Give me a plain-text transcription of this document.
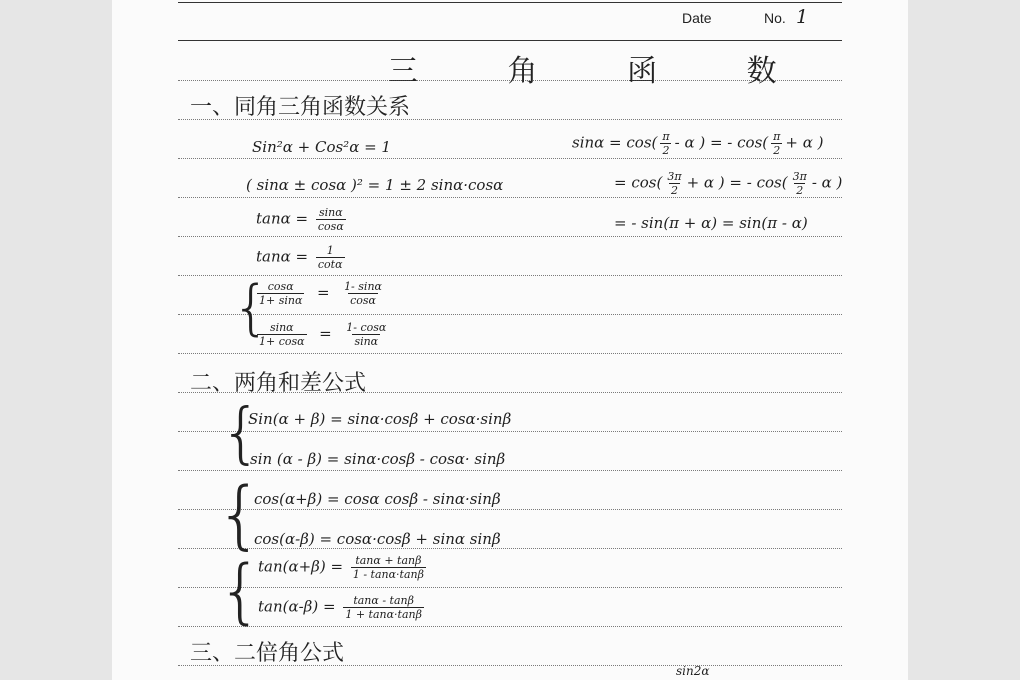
Date	No. 1
三 角 函 数
一、同角三角函数关系
Sin²α + Cos²α = 1
( sinα ± cosα )² = 1 ± 2 sinα·cosα
$\tan\alpha = \frac{\sin\alpha}{\cos\alpha}$
$\tan\alpha = \frac{1}{\cot\alpha}$
{
$\frac{\cos\alpha}{1+ \sin\alpha} = \frac{1- \sin\alpha}{\cos\alpha}$
$\frac{\sin\alpha}{1+ \cos\alpha} = \frac{1- \cos\alpha}{\sin\alpha}$
$\sin\alpha = \cos( \frac{\pi}{2} - \alpha$ ) = - $\cos( \frac{\pi}{2} + \alpha$ )
= $\cos( \frac{3\pi}{2} + \alpha$ ) = - $\cos( \frac{3\pi}{2}$ - α )
= - sin(π + α) = sin(π - α)
二、两角和差公式
{
Sin(α + β) = sinα·cosβ + cosα·sinβ
sin (α - β) = sinα·cosβ - cosα· sinβ
{
cos(α+β) = cosα cosβ - sinα·sinβ
cos(α-β) = cosα·cosβ + sinα sinβ
{
$\tan(\alpha+\beta) = \frac{\tan\alpha + \tan\beta}{1 - \tan\alpha\cdot\tan\beta}$
$\tan(\alpha-\beta) = \frac{\tan\alpha - \tan\beta}{1 + \tan\alpha\cdot\tan\beta}$
三、二倍角公式
sin2α
